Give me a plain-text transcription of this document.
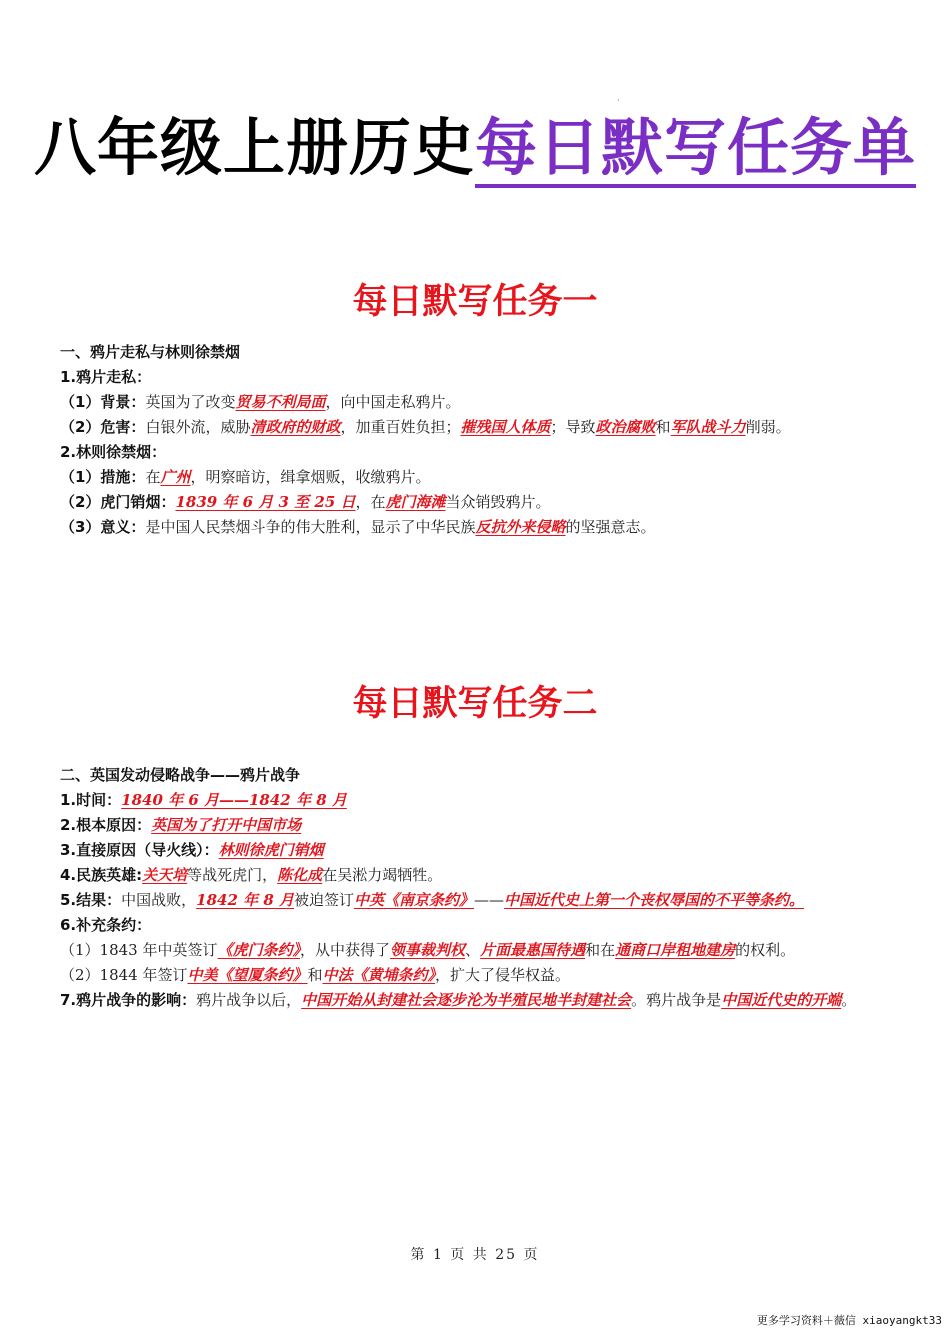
·
八年级上册历史每日默写任务单
每日默写任务一
一、鸦片走私与林则徐禁烟
1.鸦片走私：
（1）背景：英国为了改变贸易不利局面，向中国走私鸦片。
（2）危害：白银外流，威胁清政府的财政，加重百姓负担；摧残国人体质；导致政治腐败和军队战斗力削弱。
2.林则徐禁烟：
（1）措施：在广州，明察暗访，缉拿烟贩，收缴鸦片。
（2）虎门销烟：1839 年 6 月 3 至 25 日，在虎门海滩当众销毁鸦片。
（3）意义：是中国人民禁烟斗争的伟大胜利，显示了中华民族反抗外来侵略的坚强意志。
每日默写任务二
二、英国发动侵略战争——鸦片战争
1.时间：1840 年 6 月——1842 年 8 月
2.根本原因：英国为了打开中国市场
3.直接原因（导火线）：林则徐虎门销烟
4.民族英雄:关天培等战死虎门，陈化成在吴淞力竭牺牲。
5.结果：中国战败，1842 年 8 月被迫签订中英《南京条约》——中国近代史上第一个丧权辱国的不平等条约。
6.补充条约：
（1）1843 年中英签订《虎门条约》，从中获得了领事裁判权、片面最惠国待遇和在通商口岸租地建房的权利。
（2）1844 年签订中美《望厦条约》和中法《黄埔条约》，扩大了侵华权益。
7.鸦片战争的影响：鸦片战争以后，中国开始从封建社会逐步沦为半殖民地半封建社会。鸦片战争是中国近代史的开端。
第 1 页 共 25 页
更多学习资料＋薇信 xiaoyangkt33
